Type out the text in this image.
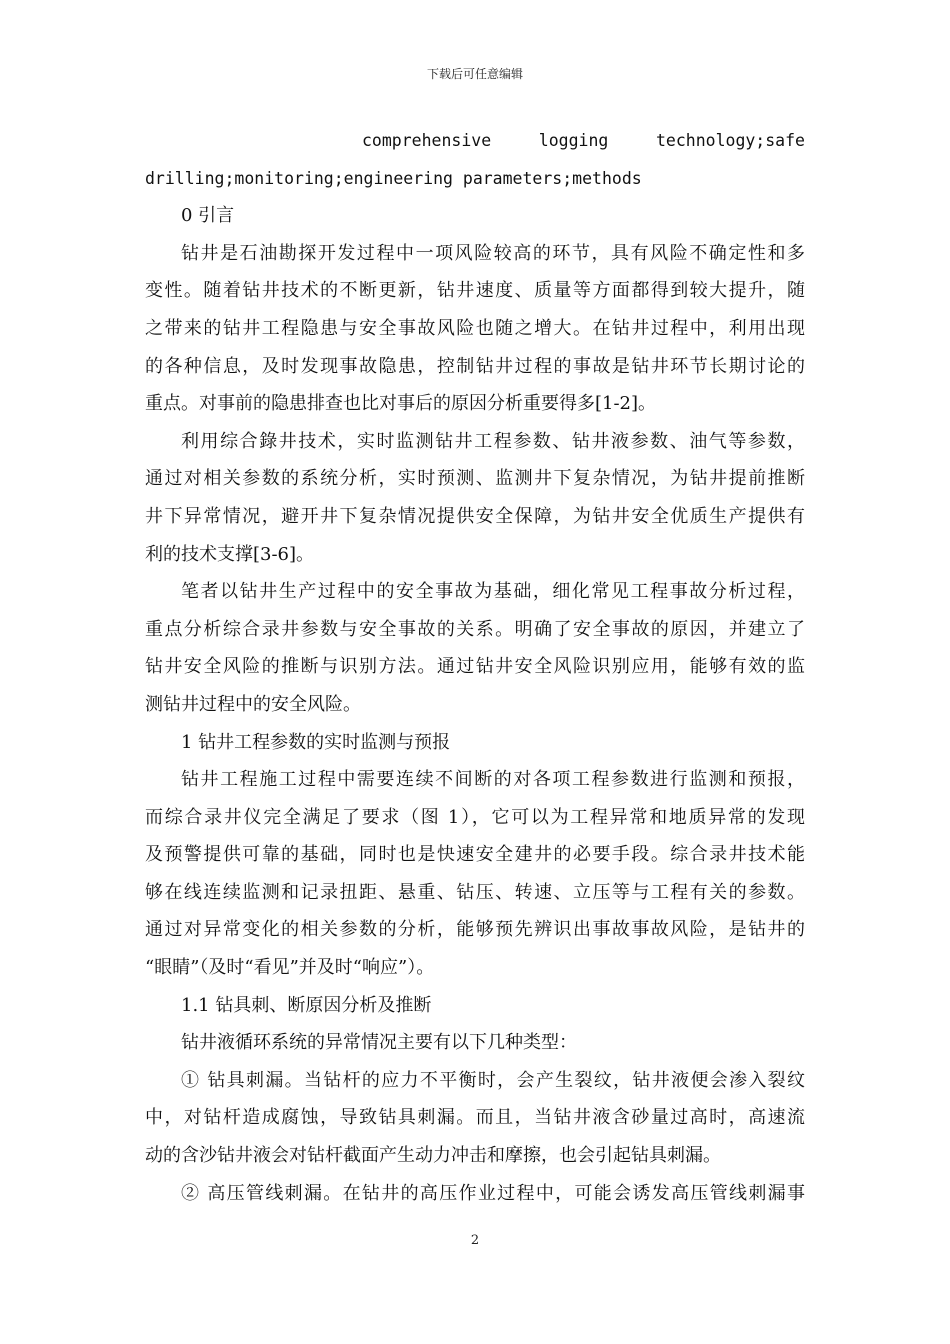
下载后可任意编辑
comprehensive	logging	technology;safe
drilling;monitoring;engineering parameters;methods
0 引言
钻井是石油勘探开发过程中一项风险较高的环节，具有风险不确定性和多
变性。随着钻井技术的不断更新，钻井速度、质量等方面都得到较大提升，随
之带来的钻井工程隐患与安全事故风险也随之增大。在钻井过程中，利用出现
的各种信息，及时发现事故隐患，控制钻井过程的事故是钻井环节长期讨论的
重点。对事前的隐患排查也比对事后的原因分析重要得多[1-2]。
利用综合錄井技术，实时监测钻井工程参数、钻井液参数、油气等参数，
通过对相关参数的系统分析，实时预测、监测井下复杂情况，为钻井提前推断
井下异常情况，避开井下复杂情况提供安全保障，为钻井安全优质生产提供有
利的技术支撑[3-6]。
笔者以钻井生产过程中的安全事故为基础，细化常见工程事故分析过程，
重点分析综合录井参数与安全事故的关系。明确了安全事故的原因，并建立了
钻井安全风险的推断与识别方法。通过钻井安全风险识别应用，能够有效的监
测钻井过程中的安全风险。
1 钻井工程参数的实时监测与预报
钻井工程施工过程中需要连续不间断的对各项工程参数进行监测和预报，
而综合录井仪完全满足了要求（图 1），它可以为工程异常和地质异常的发现
及预警提供可靠的基础，同时也是快速安全建井的必要手段。综合录井技术能
够在线连续监测和记录扭距、悬重、钻压、转速、立压等与工程有关的参数。
通过对异常变化的相关参数的分析，能够预先辨识出事故事故风险，是钻井的
“眼睛”（及时“看见”并及时“响应”）。
1.1 钻具刺、断原因分析及推断
钻井液循环系统的异常情况主要有以下几种类型：
① 钻具刺漏。当钻杆的应力不平衡时，会产生裂纹，钻井液便会渗入裂纹
中，对钻杆造成腐蚀，导致钻具刺漏。而且，当钻井液含砂量过高时，高速流
动的含沙钻井液会对钻杆截面产生动力冲击和摩擦，也会引起钻具刺漏。
② 高压管线刺漏。在钻井的高压作业过程中，可能会诱发高压管线刺漏事
2
